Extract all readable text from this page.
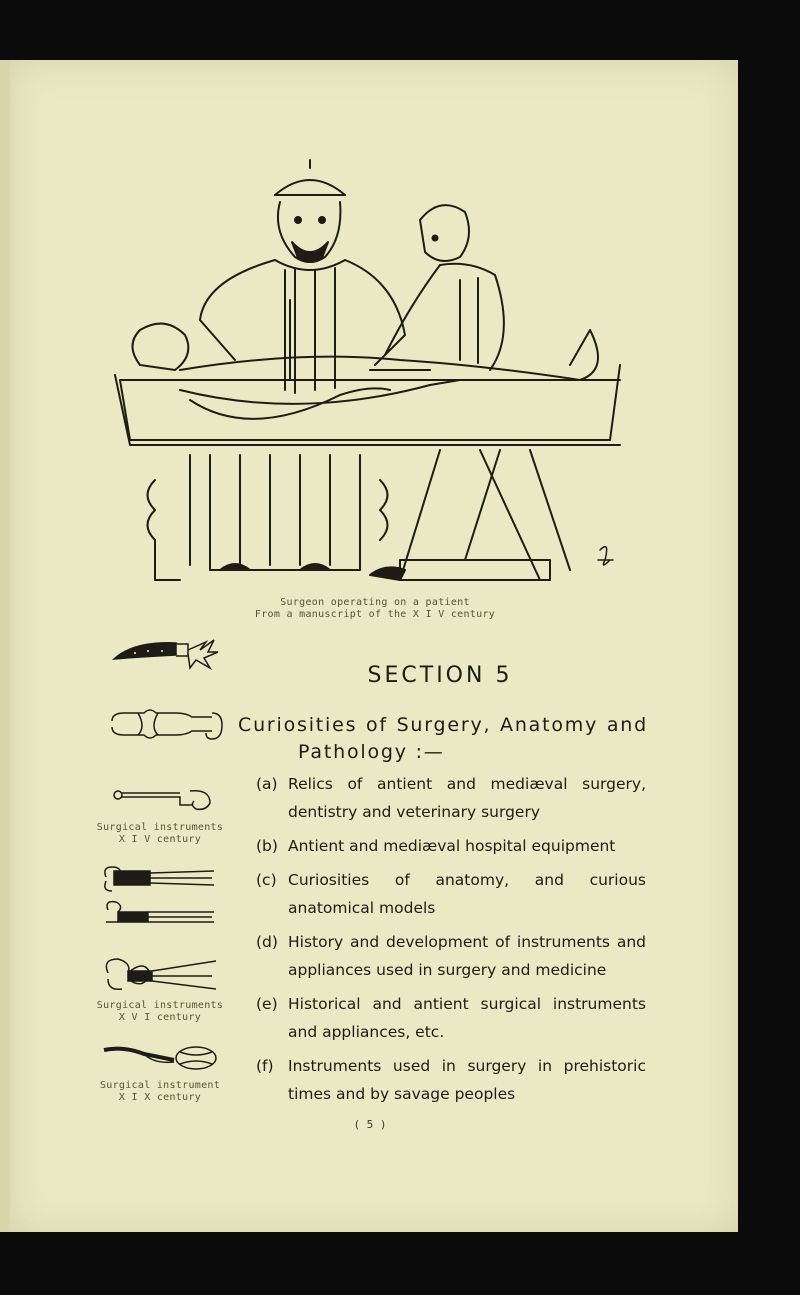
Surgeon operating on a patient
From a manuscript of the X I V century
Surgical instruments
X I V century
Surgical instruments
X V I century
Surgical instrument
X I X century
SECTION 5
Curiosities of Surgery, Anatomy and
Pathology :—
(a) Relics of antient and mediæval surgery, dentistry and veterinary surgery
(b) Antient and mediæval hospital equipment
(c) Curiosities of anatomy, and curious anatomical models
(d) History and development of instruments and appliances used in surgery and medicine
(e) Historical and antient surgical instruments and appliances, etc.
(f) Instruments used in surgery in prehistoric times and by savage peoples
( 5 )
